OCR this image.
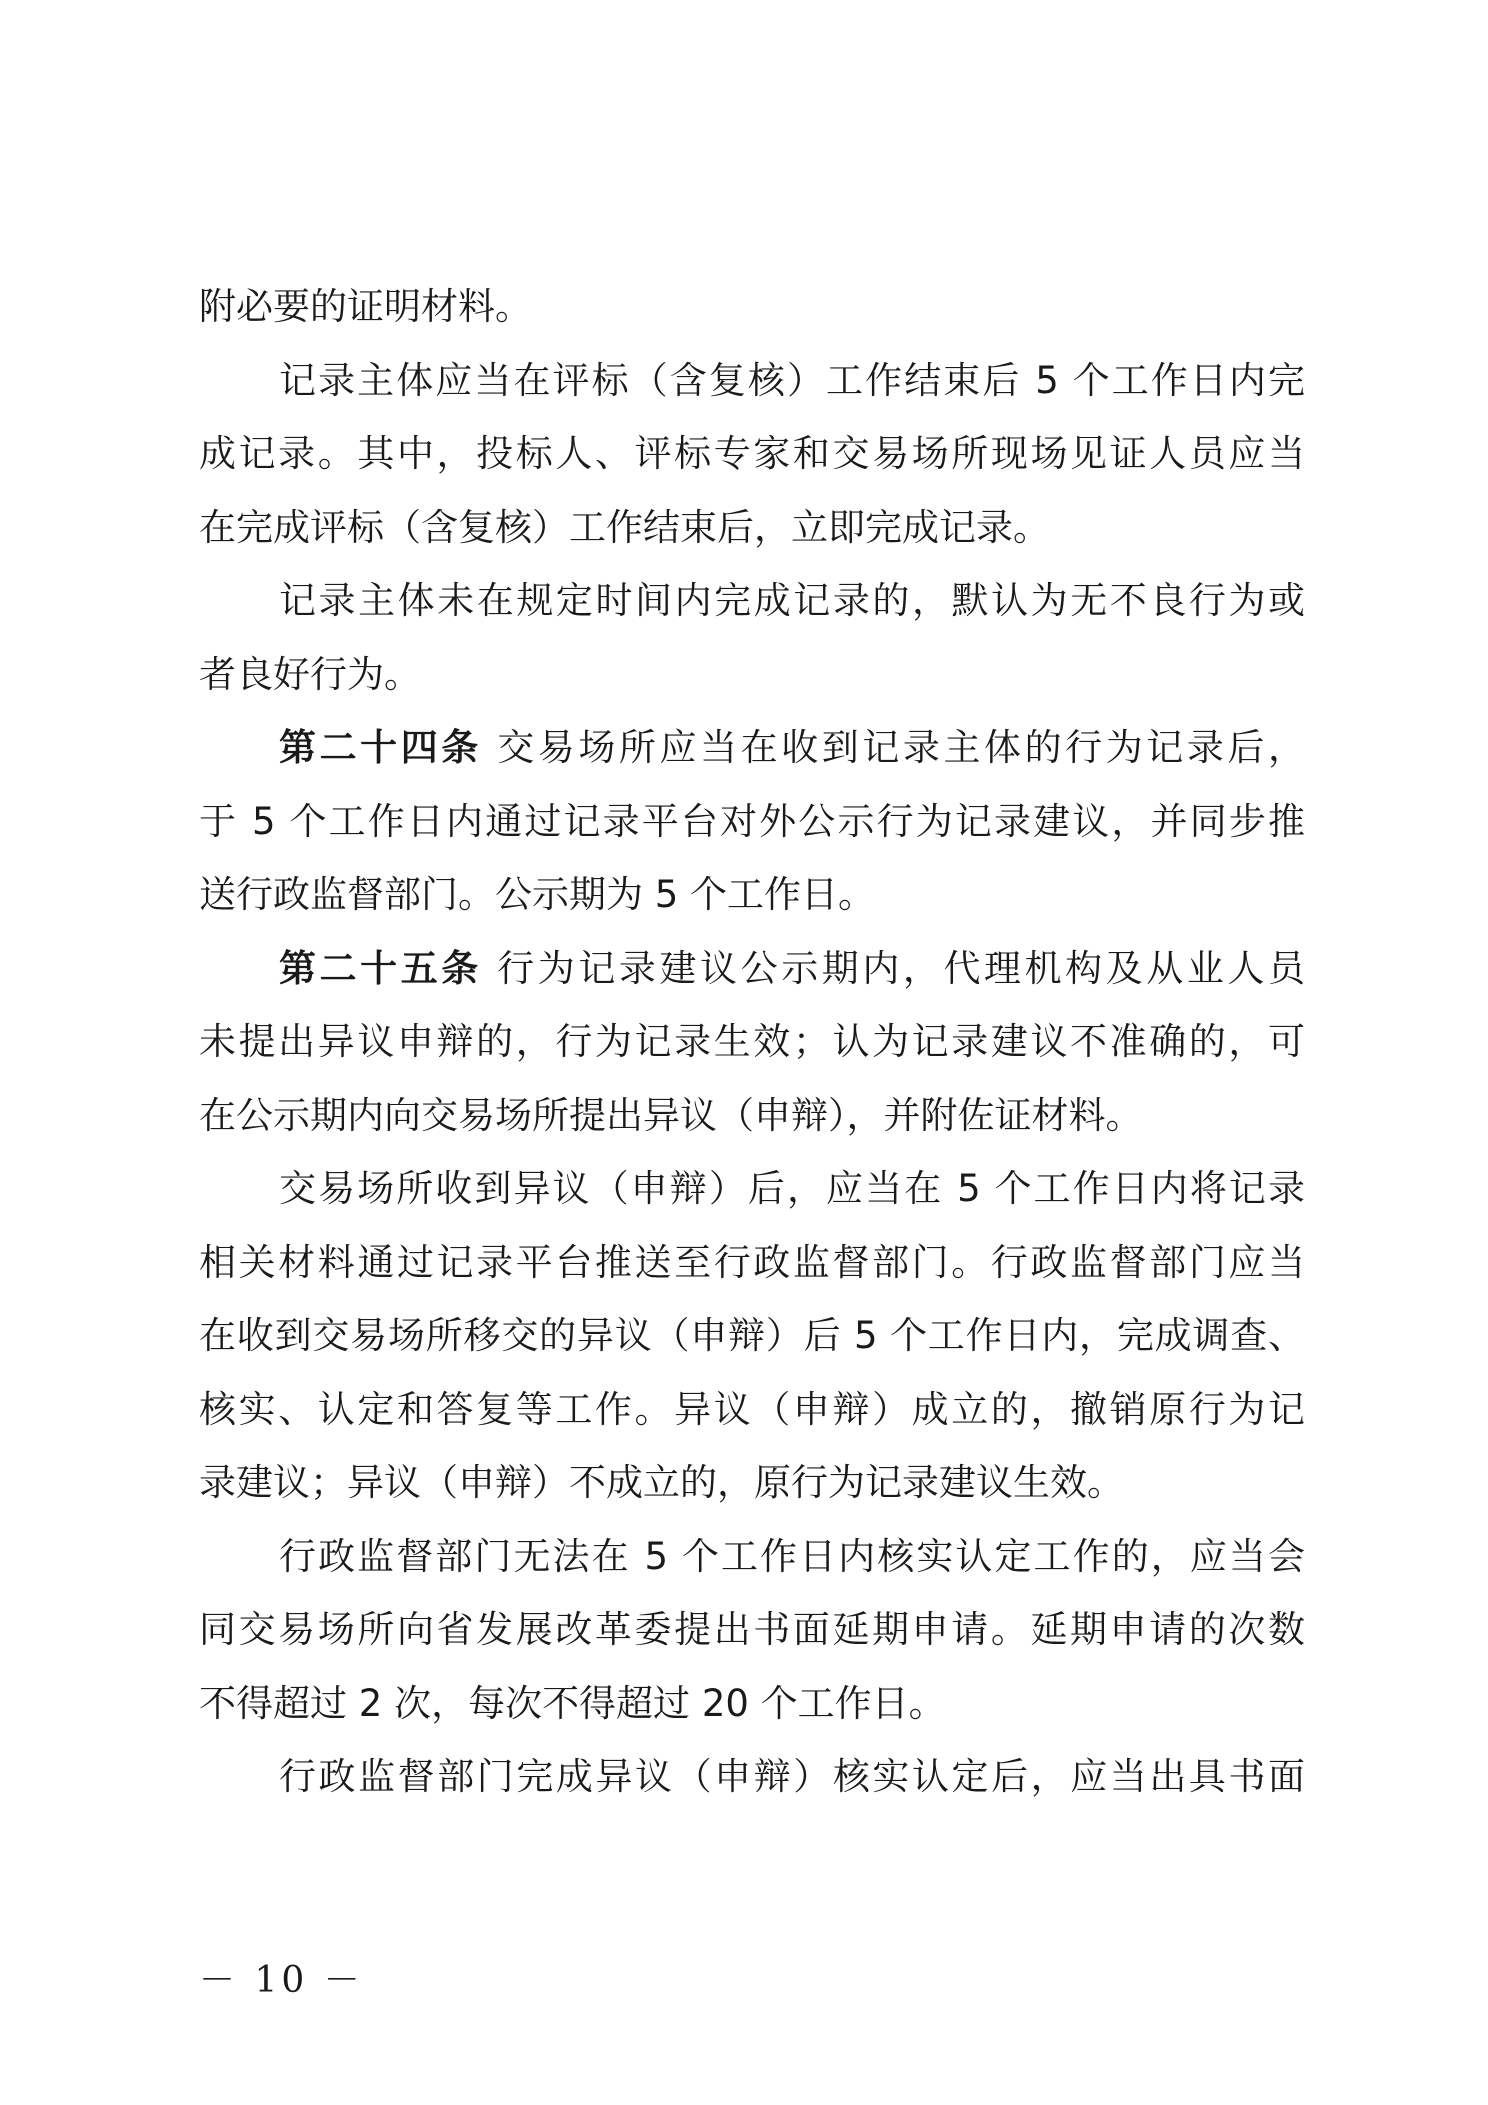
附必要的证明材料。

记录主体应当在评标（含复核）工作结束后 5 个工作日内完
成记录。其中，投标人、评标专家和交易场所现场见证人员应当
在完成评标（含复核）工作结束后，立即完成记录。

记录主体未在规定时间内完成记录的，默认为无不良行为或
者良好行为。

第二十四条 交易场所应当在收到记录主体的行为记录后，
于 5 个工作日内通过记录平台对外公示行为记录建议，并同步推
送行政监督部门。公示期为 5 个工作日。

第二十五条 行为记录建议公示期内，代理机构及从业人员
未提出异议申辩的，行为记录生效；认为记录建议不准确的，可
在公示期内向交易场所提出异议（申辩），并附佐证材料。

交易场所收到异议（申辩）后，应当在 5 个工作日内将记录
相关材料通过记录平台推送至行政监督部门。行政监督部门应当
在收到交易场所移交的异议（申辩）后 5 个工作日内，完成调查、
核实、认定和答复等工作。异议（申辩）成立的，撤销原行为记
录建议；异议（申辩）不成立的，原行为记录建议生效。

行政监督部门无法在 5 个工作日内核实认定工作的，应当会
同交易场所向省发展改革委提出书面延期申请。延期申请的次数
不得超过 2 次，每次不得超过 20 个工作日。

行政监督部门完成异议（申辩）核实认定后，应当出具书面

－ 10 －
